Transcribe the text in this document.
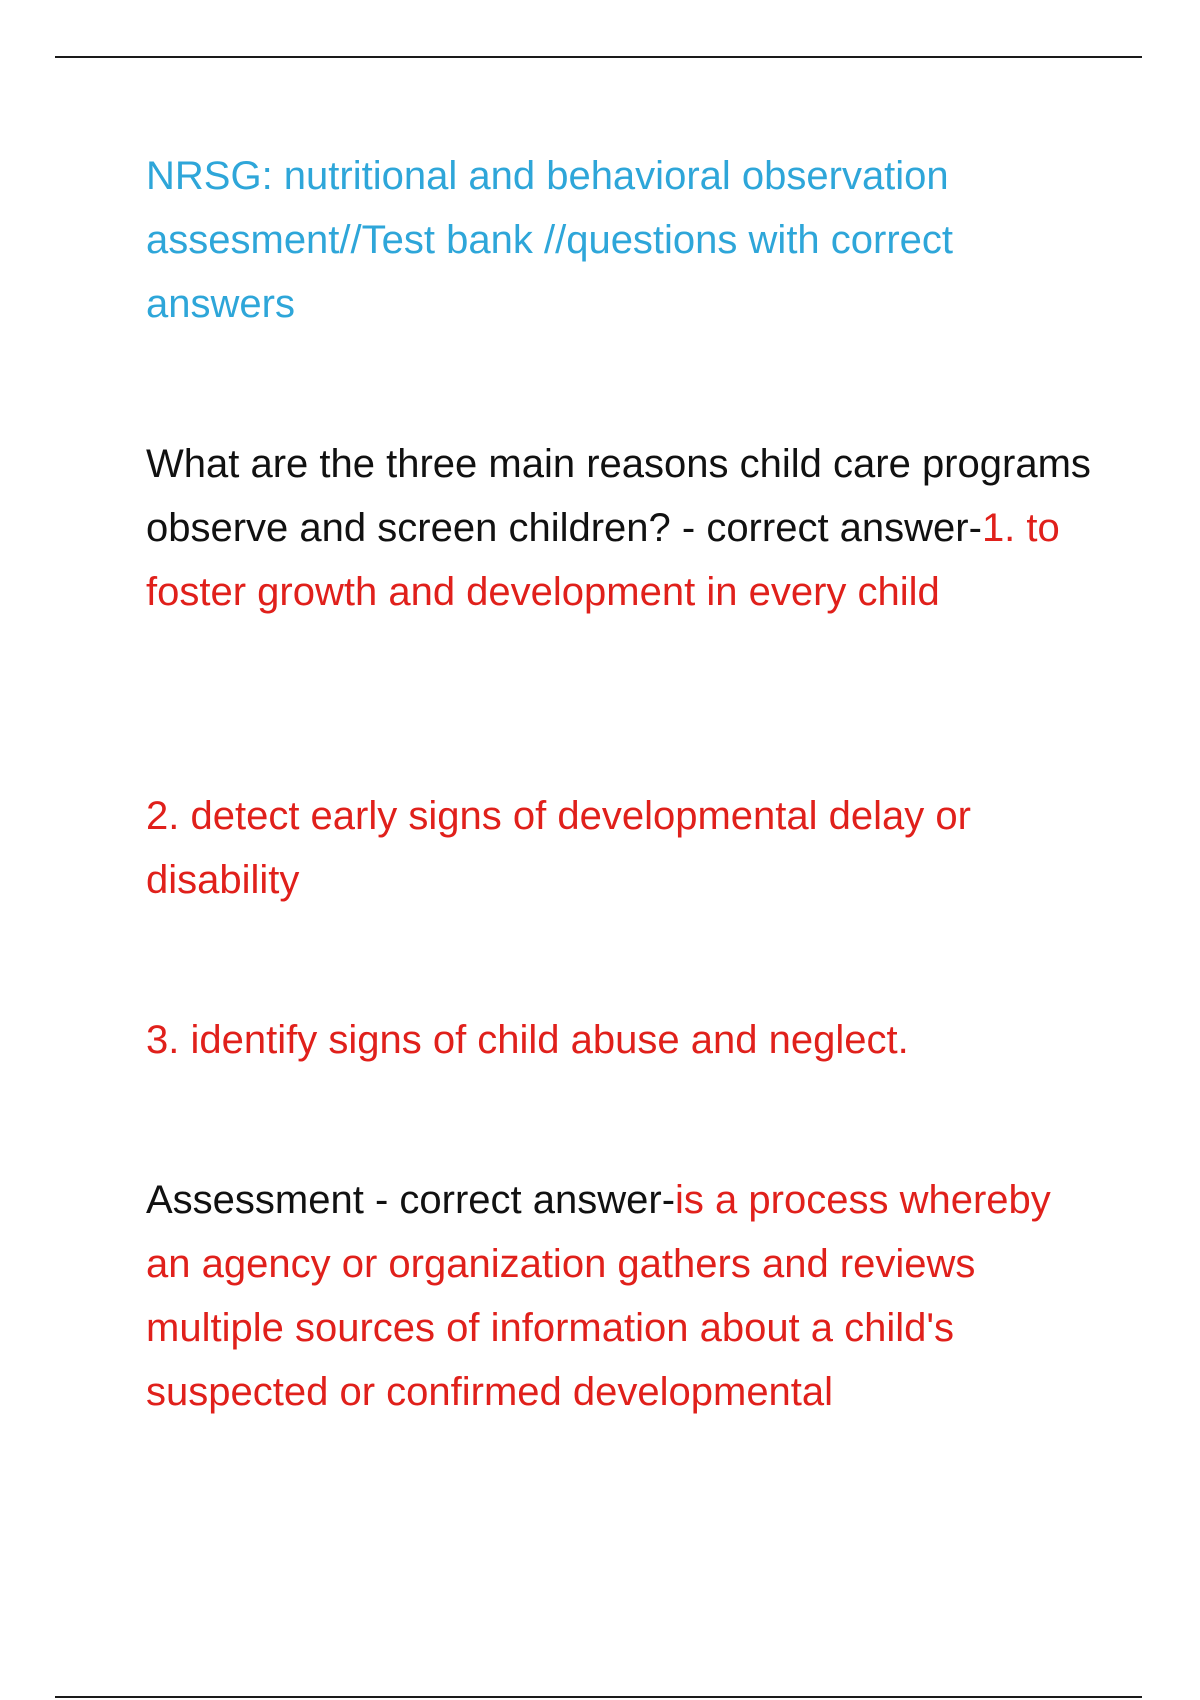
NRSG: nutritional and behavioral observation assesment//Test bank //questions with correct answers

What are the three main reasons child care programs observe and screen children? - correct answer-1. to foster growth and development in every child

2. detect early signs of developmental delay or disability

3. identify signs of child abuse and neglect.

Assessment - correct answer-is a process whereby an agency or organization gathers and reviews multiple sources of information about a child's suspected or confirmed developmental
